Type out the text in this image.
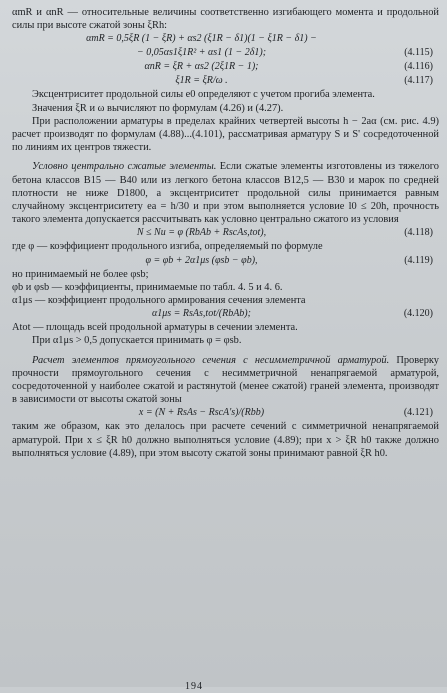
αmR и αnR — относительные величины соответственно изгибающего момента и продольной силы при высоте сжатой зоны ξRh:

αmR = 0,5ξR (1 − ξR) + αs2 (ξ1R − δ1)(1 − ξ1R − δ1) −
− 0,05αs1ξ1R² + αs1 (1 − 2δ1);	(4.115)
αnR = ξR + αs2 (2ξ1R − 1);	(4.116)
ξ1R = ξR/ω .	(4.117)

Эксцентриситет продольной силы e0 определяют с учетом прогиба элемента.

Значения ξR и ω вычисляют по формулам (4.26) и (4.27).

При расположении арматуры в пределах крайних четвертей высоты h − 2aα (см. рис. 4.9) расчет производят по формулам (4.88)...(4.101), рассматривая арматуру S и S' сосредоточенной по линиям их центров тяжести.

Условно центрально сжатые элементы. Если сжатые элементы изготовлены из тяжелого бетона классов B15 — B40 или из легкого бетона классов B12,5 — B30 и марок по средней плотности не ниже D1800, а эксцентриситет продольной силы принимается равным случайному эксцентриситету ea = h/30 и при этом выполняется условие l0 ≤ 20h, прочность такого элемента допускается рассчитывать как условно центрально сжатого из условия

N ≤ Nu = φ (RbAb + RscAs,tot),	(4.118)

где φ — коэффициент продольного изгиба, определяемый по формуле

φ = φb + 2α1μs (φsb − φb),	(4.119)

но принимаемый не более φsb;

φb и φsb — коэффициенты, принимаемые по табл. 4. 5 и 4. 6.

α1μs — коэффициент продольного армирования сечения элемента

α1μs = RsAs,tot/(RbAb);	(4.120)

Atot — площадь всей продольной арматуры в сечении элемента.

При α1μs > 0,5 допускается принимать φ = φsb.

Расчет элементов прямоугольного сечения с несимметричной арматурой. Проверку прочности прямоугольного сечения с несимметричной ненапрягаемой арматурой, сосредоточенной у наиболее сжатой и растянутой (менее сжатой) граней элемента, производят в зависимости от высоты сжатой зоны

x = (N + RsAs − RscA's)/(Rbb)	(4.121)

таким же образом, как это делалось при расчете сечений с симметричной ненапрягаемой арматурой. При x ≤ ξR h0 должно выполняться условие (4.89); при x > ξR h0 также должно выполняться условие (4.89), при этом высоту сжатой зоны принимают равной ξR h0.

194
